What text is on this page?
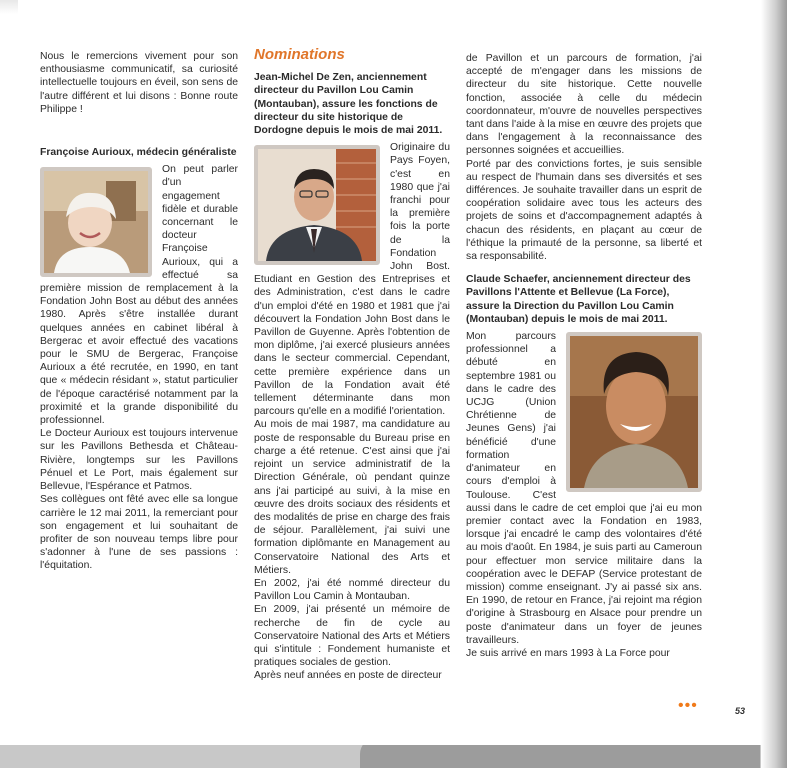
Nous le remercions vivement pour son enthousiasme communicatif, sa curiosité intellectuelle toujours en éveil, son sens de l'autre différent et lui disons : Bonne route Philippe !

Françoise Aurioux, médecin généraliste

On peut parler d'un engagement fidèle et durable concernant le docteur Françoise Aurioux, qui a effectué sa première mission de remplacement à la Fondation John Bost au début des années 1980. Après s'être installée durant quelques années en cabinet libéral à Bergerac et avoir effectué des vacations pour le SMU de Bergerac, Françoise Aurioux a été recrutée, en 1990, en tant que « médecin résidant », statut particulier de l'époque caractérisé notamment par la proximité et la grande disponibilité du professionnel.

Le Docteur Aurioux est toujours intervenue sur les Pavillons Bethesda et Château-Rivière, longtemps sur les Pavillons Pénuel et Le Port, mais également sur Bellevue, l'Espérance et Patmos.

Ses collègues ont fêté avec elle sa longue carrière le 12 mai 2011, la remerciant pour son engagement et lui souhaitant de profiter de son nouveau temps libre pour s'adonner à l'une de ses passions : l'équitation.

Nominations

Jean-Michel De Zen, anciennement directeur du Pavillon Lou Camin (Montauban), assure les fonctions de directeur du site historique de Dordogne depuis le mois de mai 2011.

Originaire du Pays Foyen, c'est en 1980 que j'ai franchi pour la première fois la porte de la Fondation John Bost. Etudiant en Gestion des Entreprises et des Administration, c'est dans le cadre d'un emploi d'été en 1980 et 1981 que j'ai découvert la Fondation John Bost dans le Pavillon de Guyenne. Après l'obtention de mon diplôme, j'ai exercé plusieurs années dans le secteur commercial. Cependant, cette première expérience dans un Pavillon de la Fondation avait été tellement déterminante dans mon parcours qu'elle en a modifié l'orientation.

Au mois de mai 1987, ma candidature au poste de responsable du Bureau prise en charge a été retenue. C'est ainsi que j'ai rejoint un service administratif de la Direction Générale, où pendant quinze ans j'ai participé au suivi, à la mise en œuvre des droits sociaux des résidents et des modalités de prise en charge des frais de séjour. Parallèlement, j'ai suivi une formation diplômante en Management au Conservatoire National des Arts et Métiers.

En 2002, j'ai été nommé directeur du Pavillon Lou Camin à Montauban.

En 2009, j'ai présenté un mémoire de recherche de fin de cycle au Conservatoire National des Arts et Métiers qui s'intitule : Fondement humaniste et pratiques sociales de gestion.

Après neuf années en poste de directeur

de Pavillon et un parcours de formation, j'ai accepté de m'engager dans les missions de directeur du site historique. Cette nouvelle fonction, associée à celle du médecin coordonnateur, m'ouvre de nouvelles perspectives tant dans l'aide à la mise en œuvre des projets que dans l'engagement à la reconnaissance des personnes soignées et accueillies.

Porté par des convictions fortes, je suis sensible au respect de l'humain dans ses diversités et ses différences. Je souhaite travailler dans un esprit de coopération solidaire avec tous les acteurs des projets de soins et d'accompagnement adaptés à chacun des résidents, en plaçant au cœur de l'éthique la primauté de la personne, sa liberté et sa responsabilité.

Claude Schaefer, anciennement directeur des Pavillons l'Attente et Bellevue (La Force), assure la Direction du Pavillon Lou Camin (Montauban) depuis le mois de mai 2011.

Mon parcours professionnel a débuté en septembre 1981 ou dans le cadre des UCJG (Union Chrétienne de Jeunes Gens) j'ai bénéficié d'une formation d'animateur en cours d'emploi à Toulouse. C'est aussi dans le cadre de cet emploi que j'ai eu mon premier contact avec la Fondation en 1983, lorsque j'ai encadré le camp des volontaires d'été au mois d'août. En 1984, je suis parti au Cameroun pour effectuer mon service militaire dans la coopération avec le DEFAP (Service protestant de mission) comme enseignant. J'y ai passé six ans. En 1990, de retour en France, j'ai rejoint ma région d'origine à Strasbourg en Alsace pour prendre un poste d'animateur dans un foyer de jeunes travailleurs.

Je suis arrivé en mars 1993 à La Force pour

•••	53
